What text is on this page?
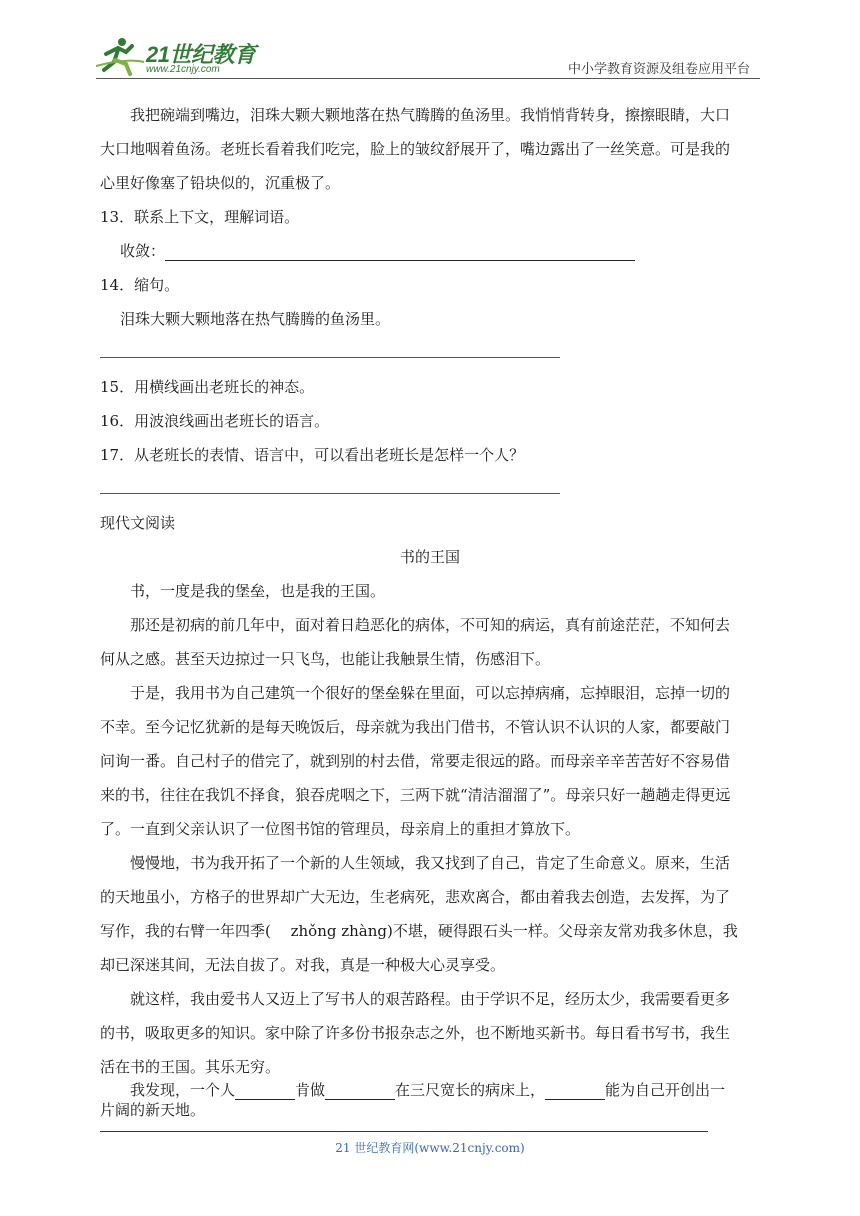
21世纪教育
www.21cnjy.com	中小学教育资源及组卷应用平台
我把碗端到嘴边，泪珠大颗大颗地落在热气腾腾的鱼汤里。我悄悄背转身，擦擦眼睛，大口
大口地咽着鱼汤。老班长看着我们吃完，脸上的皱纹舒展开了，嘴边露出了一丝笑意。可是我的
心里好像塞了铅块似的，沉重极了。
13．联系上下文，理解词语。
收敛：
14．缩句。
泪珠大颗大颗地落在热气腾腾的鱼汤里。
15．用横线画出老班长的神态。
16．用波浪线画出老班长的语言。
17．从老班长的表情、语言中，可以看出老班长是怎样一个人？
现代文阅读
书的王国
书，一度是我的堡垒，也是我的王国。
那还是初病的前几年中，面对着日趋恶化的病体，不可知的病运，真有前途茫茫，不知何去
何从之感。甚至天边掠过一只飞鸟，也能让我触景生情，伤感泪下。
于是，我用书为自己建筑一个很好的堡垒躲在里面，可以忘掉病痛，忘掉眼泪，忘掉一切的
不幸。至今记忆犹新的是每天晚饭后，母亲就为我出门借书，不管认识不认识的人家，都要敲门
问询一番。自己村子的借完了，就到别的村去借，常要走很远的路。而母亲辛辛苦苦好不容易借
来的书，往往在我饥不择食，狼吞虎咽之下，三两下就“清洁溜溜了”。母亲只好一趟趟走得更远
了。一直到父亲认识了一位图书馆的管理员，母亲肩上的重担才算放下。
慢慢地，书为我开拓了一个新的人生领域，我又找到了自己，肯定了生命意义。原来，生活
的天地虽小，方格子的世界却广大无边，生老病死，悲欢离合，都由着我去创造，去发挥，为了
写作，我的右臂一年四季(　 zhǒng zhàng)不堪，硬得跟石头一样。父母亲友常劝我多休息，我
却已深迷其间，无法自拔了。对我，真是一种极大心灵享受。
就这样，我由爱书人又迈上了写书人的艰苦路程。由于学识不足，经历太少，我需要看更多
的书，吸取更多的知识。家中除了许多份书报杂志之外，也不断地买新书。每日看书写书，我生
活在书的王国。其乐无穷。
我发现，一个人	肯做	在三尺宽长的病床上，	能为自己开创出一
片阔的新天地。
21 世纪教育网(www.21cnjy.com)
